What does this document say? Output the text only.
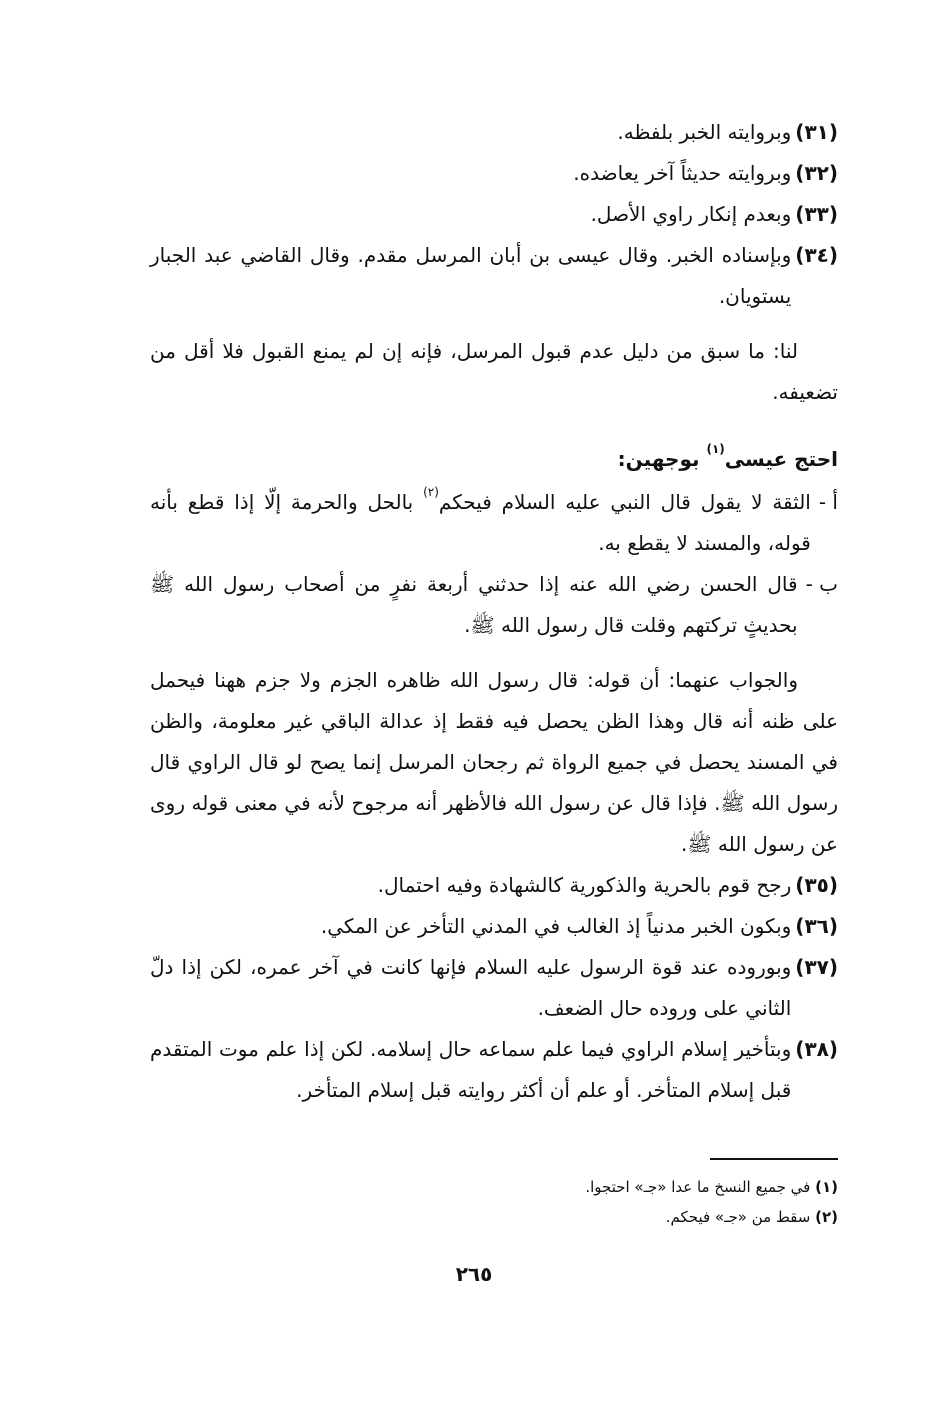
(٣١)
وبروايته الخبر بلفظه.
(٣٢)
وبروايته حديثاً آخر يعاضده.
(٣٣)
وبعدم إنكار راوي الأصل.
(٣٤)
وبإسناده الخبر. وقال عيسى بن أبان المرسل مقدم. وقال القاضي عبد الجبار يستويان.
لنا: ما سبق من دليل عدم قبول المرسل، فإنه إن لم يمنع القبول فلا أقل من تضعيفه.
احتج عيسى$^{(١)}$ بوجهين:
أ -
الثقة لا يقول قال النبي عليه السلام فيحكم$^{(٢)}$ بالحل والحرمة إلّا إذا قطع بأنه قوله، والمسند لا يقطع به.
ب -
قال الحسن رضي الله عنه إذا حدثني أربعة نفرٍ من أصحاب رسول الله ﷺ بحديثٍ تركتهم وقلت قال رسول الله ﷺ.
والجواب عنهما: أن قوله: قال رسول الله ظاهره الجزم ولا جزم ههنا فيحمل على ظنه أنه قال وهذا الظن يحصل فيه فقط إذ عدالة الباقي غير معلومة، والظن في المسند يحصل في جميع الرواة ثم رجحان المرسل إنما يصح لو قال الراوي قال رسول الله ﷺ. فإذا قال عن رسول الله فالأظهر أنه مرجوح لأنه في معنى قوله روى عن رسول الله ﷺ.
(٣٥)
رجح قوم بالحرية والذكورية كالشهادة وفيه احتمال.
(٣٦)
وبكون الخبر مدنياً إذ الغالب في المدني التأخر عن المكي.
(٣٧)
وبوروده عند قوة الرسول عليه السلام فإنها كانت في آخر عمره، لكن إذا دلّ الثاني على وروده حال الضعف.
(٣٨)
وبتأخير إسلام الراوي فيما علم سماعه حال إسلامه. لكن إذا علم موت المتقدم قبل إسلام المتأخر. أو علم أن أكثر روايته قبل إسلام المتأخر.
(١) في جميع النسخ ما عدا «جـ» احتجوا.
(٢) سقط من «جـ» فيحكم.
٢٦٥
